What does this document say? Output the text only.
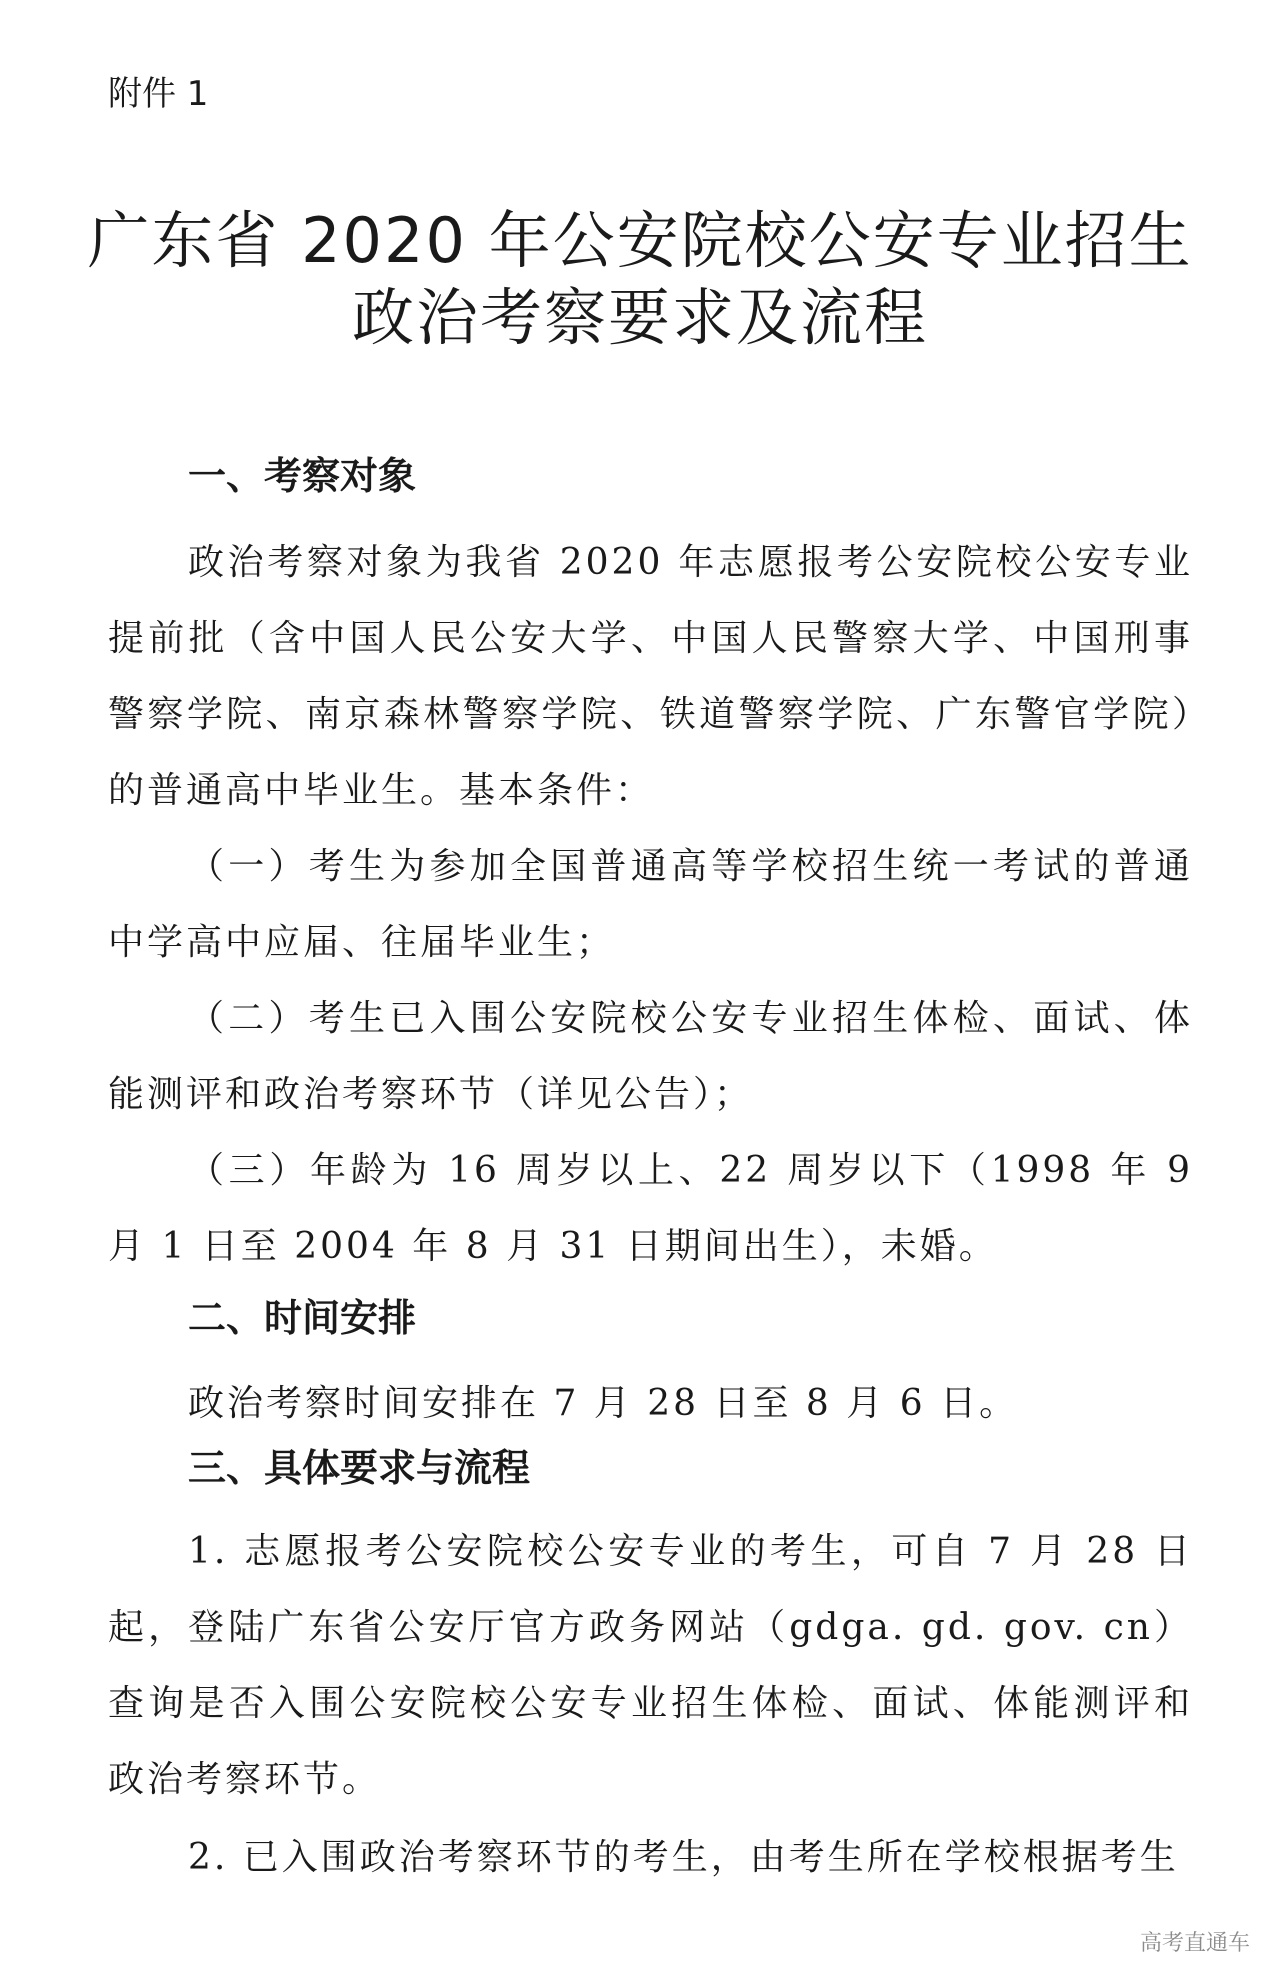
附件 1

广东省 2020 年公安院校公安专业招生
政治考察要求及流程
一、考察对象

政治考察对象为我省 2020 年志愿报考公安院校公安专业提前批（含中国人民公安大学、中国人民警察大学、中国刑事警察学院、南京森林警察学院、铁道警察学院、广东警官学院）的普通高中毕业生。基本条件：

（一）考生为参加全国普通高等学校招生统一考试的普通中学高中应届、往届毕业生；

（二）考生已入围公安院校公安专业招生体检、面试、体能测评和政治考察环节（详见公告）；

（三）年龄为 16 周岁以上、22 周岁以下（1998 年 9 月 1 日至 2004 年 8 月 31 日期间出生），未婚。

二、时间安排

政治考察时间安排在 7 月 28 日至 8 月 6 日。

三、具体要求与流程

1. 志愿报考公安院校公安专业的考生，可自 7 月 28 日起，登陆广东省公安厅官方政务网站（gdga. gd. gov. cn）查询是否入围公安院校公安专业招生体检、面试、体能测评和政治考察环节。

2. 已入围政治考察环节的考生，由考生所在学校根据考生

高考直通车
